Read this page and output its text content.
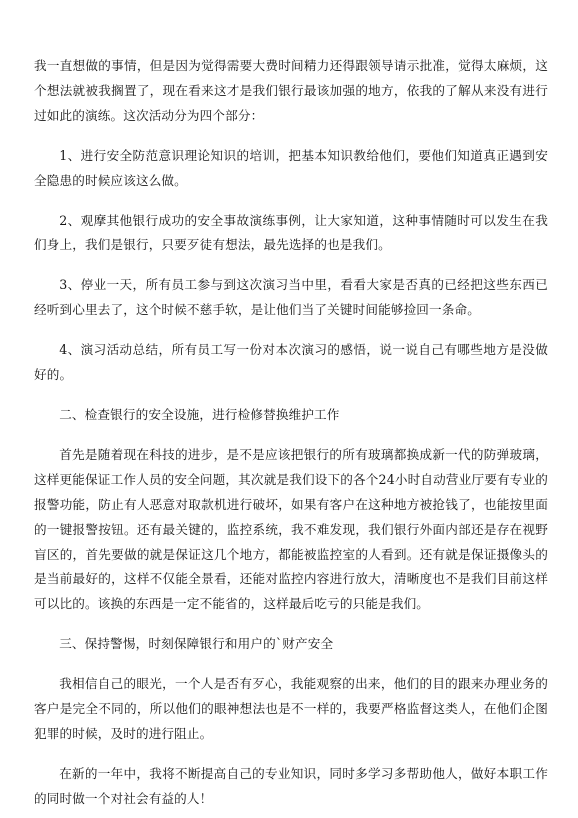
我一直想做的事情，但是因为觉得需要大费时间精力还得跟领导请示批准，觉得太麻烦，这个想法就被我搁置了，现在看来这才是我们银行最该加强的地方，依我的了解从来没有进行过如此的演练。这次活动分为四个部分：

1、进行安全防范意识理论知识的培训，把基本知识教给他们，要他们知道真正遇到安全隐患的时候应该这么做。

2、观摩其他银行成功的安全事故演练事例，让大家知道，这种事情随时可以发生在我们身上，我们是银行，只要歹徒有想法，最先选择的也是我们。

3、停业一天，所有员工参与到这次演习当中里，看看大家是否真的已经把这些东西已经听到心里去了，这个时候不慈手软，是让他们当了关键时间能够捡回一条命。

4、演习活动总结，所有员工写一份对本次演习的感悟，说一说自己有哪些地方是没做好的。

二、检查银行的安全设施，进行检修替换维护工作

首先是随着现在科技的进步，是不是应该把银行的所有玻璃都换成新一代的防弹玻璃，这样更能保证工作人员的安全问题，其次就是我们设下的各个24小时自动营业厅要有专业的报警功能，防止有人恶意对取款机进行破坏，如果有客户在这种地方被抢钱了，也能按里面的一键报警按钮。还有最关键的，监控系统，我不难发现，我们银行外面内部还是存在视野盲区的，首先要做的就是保证这几个地方，都能被监控室的人看到。还有就是保证摄像头的是当前最好的，这样不仅能全景看，还能对监控内容进行放大，清晰度也不是我们目前这样可以比的。该换的东西是一定不能省的，这样最后吃亏的只能是我们。

三、保持警惕，时刻保障银行和用户的`财产安全

我相信自己的眼光，一个人是否有歹心，我能观察的出来，他们的目的跟来办理业务的客户是完全不同的，所以他们的眼神想法也是不一样的，我要严格监督这类人，在他们企图犯罪的时候，及时的进行阻止。

在新的一年中，我将不断提高自己的专业知识，同时多学习多帮助他人，做好本职工作的同时做一个对社会有益的人！
